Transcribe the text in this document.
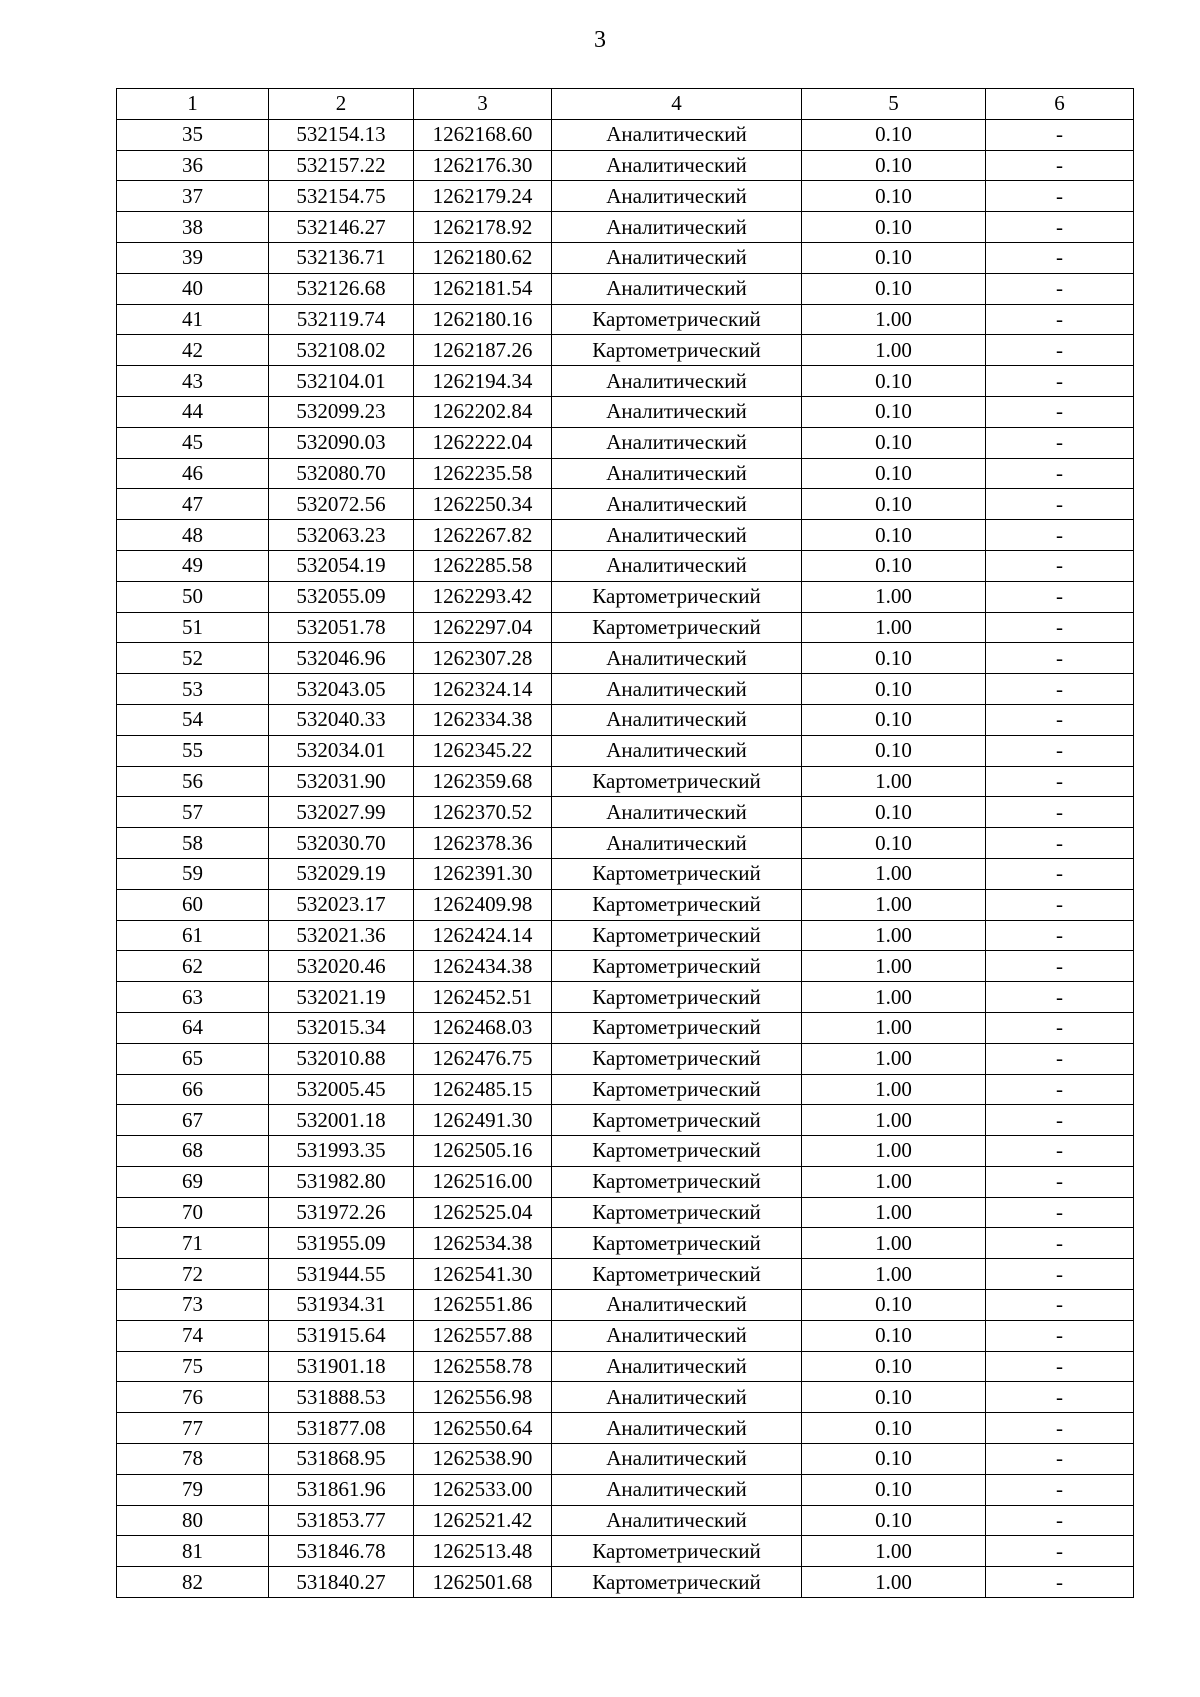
3
1	2	3	4	5	6
35	532154.13	1262168.60	Аналитический	0.10	-
36	532157.22	1262176.30	Аналитический	0.10	-
37	532154.75	1262179.24	Аналитический	0.10	-
38	532146.27	1262178.92	Аналитический	0.10	-
39	532136.71	1262180.62	Аналитический	0.10	-
40	532126.68	1262181.54	Аналитический	0.10	-
41	532119.74	1262180.16	Картометрический	1.00	-
42	532108.02	1262187.26	Картометрический	1.00	-
43	532104.01	1262194.34	Аналитический	0.10	-
44	532099.23	1262202.84	Аналитический	0.10	-
45	532090.03	1262222.04	Аналитический	0.10	-
46	532080.70	1262235.58	Аналитический	0.10	-
47	532072.56	1262250.34	Аналитический	0.10	-
48	532063.23	1262267.82	Аналитический	0.10	-
49	532054.19	1262285.58	Аналитический	0.10	-
50	532055.09	1262293.42	Картометрический	1.00	-
51	532051.78	1262297.04	Картометрический	1.00	-
52	532046.96	1262307.28	Аналитический	0.10	-
53	532043.05	1262324.14	Аналитический	0.10	-
54	532040.33	1262334.38	Аналитический	0.10	-
55	532034.01	1262345.22	Аналитический	0.10	-
56	532031.90	1262359.68	Картометрический	1.00	-
57	532027.99	1262370.52	Аналитический	0.10	-
58	532030.70	1262378.36	Аналитический	0.10	-
59	532029.19	1262391.30	Картометрический	1.00	-
60	532023.17	1262409.98	Картометрический	1.00	-
61	532021.36	1262424.14	Картометрический	1.00	-
62	532020.46	1262434.38	Картометрический	1.00	-
63	532021.19	1262452.51	Картометрический	1.00	-
64	532015.34	1262468.03	Картометрический	1.00	-
65	532010.88	1262476.75	Картометрический	1.00	-
66	532005.45	1262485.15	Картометрический	1.00	-
67	532001.18	1262491.30	Картометрический	1.00	-
68	531993.35	1262505.16	Картометрический	1.00	-
69	531982.80	1262516.00	Картометрический	1.00	-
70	531972.26	1262525.04	Картометрический	1.00	-
71	531955.09	1262534.38	Картометрический	1.00	-
72	531944.55	1262541.30	Картометрический	1.00	-
73	531934.31	1262551.86	Аналитический	0.10	-
74	531915.64	1262557.88	Аналитический	0.10	-
75	531901.18	1262558.78	Аналитический	0.10	-
76	531888.53	1262556.98	Аналитический	0.10	-
77	531877.08	1262550.64	Аналитический	0.10	-
78	531868.95	1262538.90	Аналитический	0.10	-
79	531861.96	1262533.00	Аналитический	0.10	-
80	531853.77	1262521.42	Аналитический	0.10	-
81	531846.78	1262513.48	Картометрический	1.00	-
82	531840.27	1262501.68	Картометрический	1.00	-
